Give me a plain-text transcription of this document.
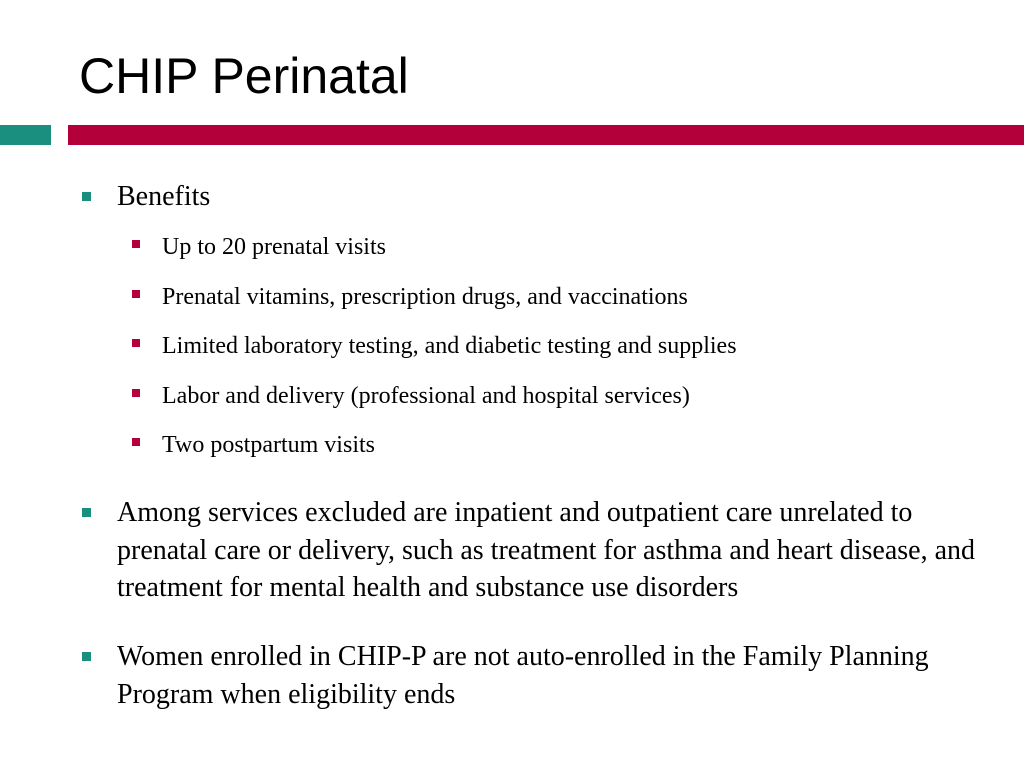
CHIP Perinatal
Benefits
Up to 20 prenatal visits
Prenatal vitamins, prescription drugs, and vaccinations
Limited laboratory testing, and diabetic testing and supplies
Labor and delivery (professional and hospital services)
Two postpartum visits
Among services excluded are inpatient and outpatient care unrelated to prenatal care or delivery, such as treatment for asthma and heart disease, and treatment for mental health and substance use disorders
Women enrolled in CHIP-P are not auto-enrolled in the Family Planning Program when eligibility ends
